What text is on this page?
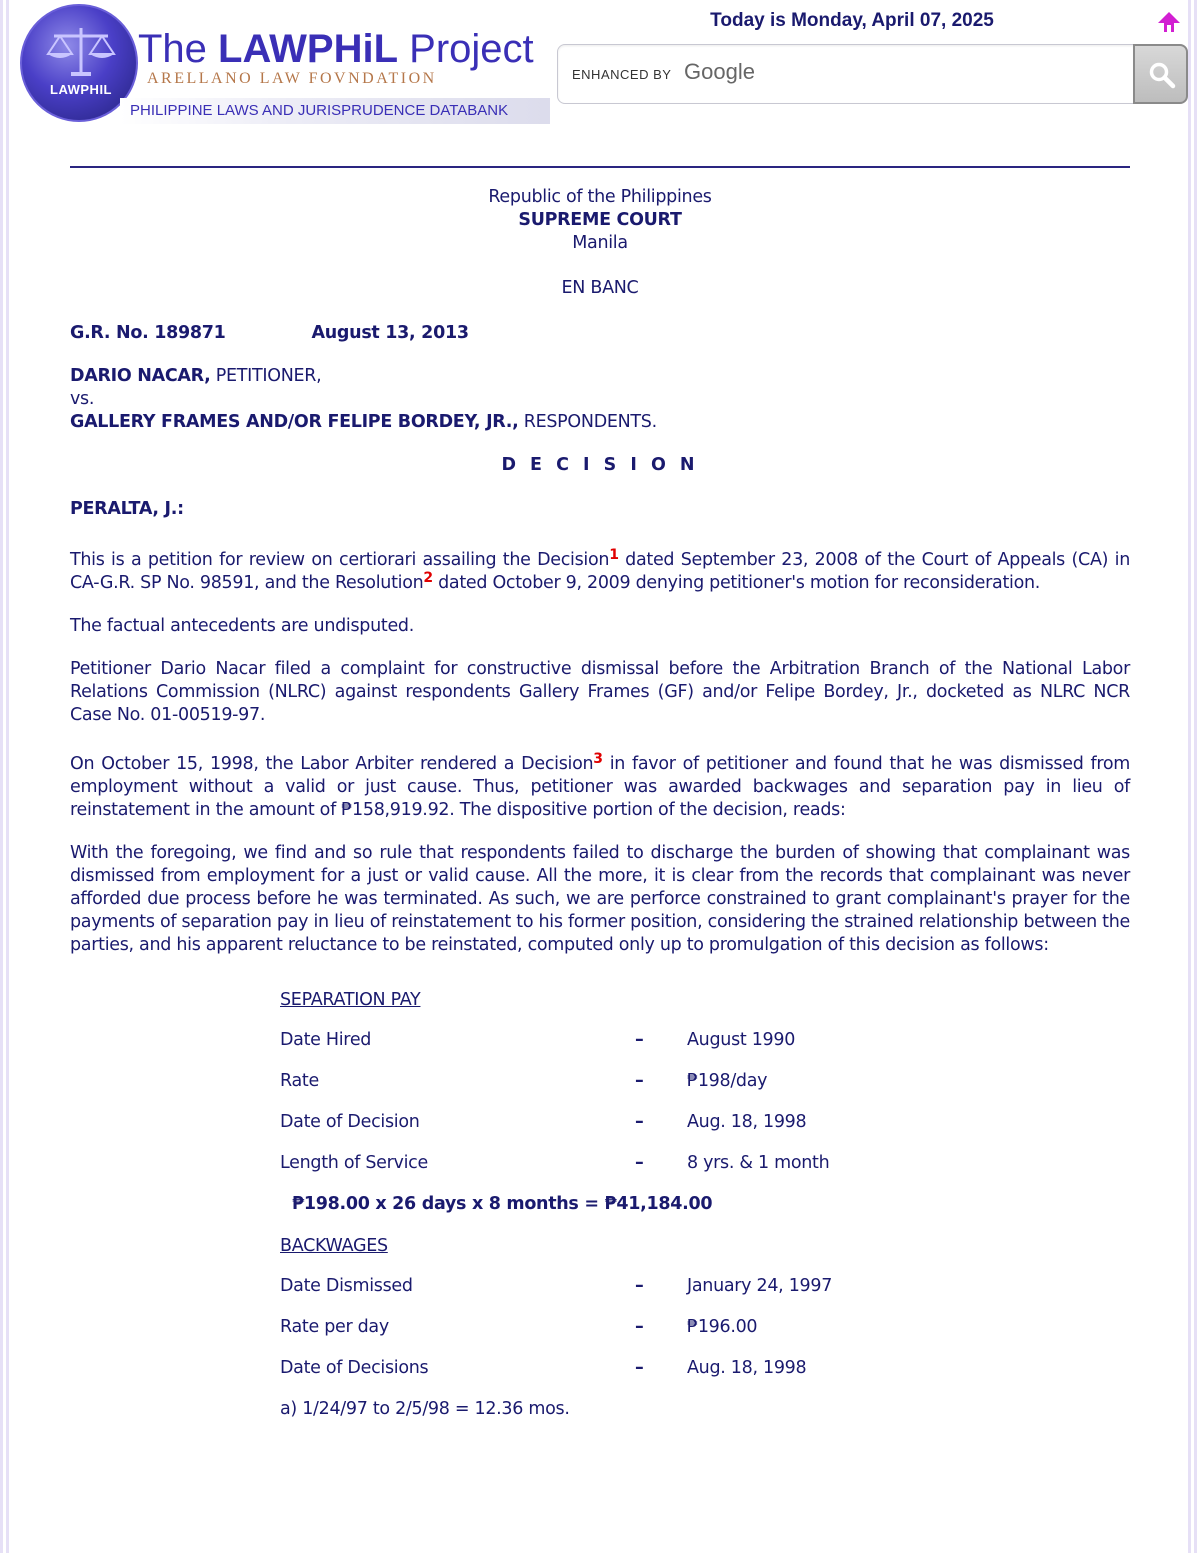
LAWPHIL
The LAWPHiL Project
ARELLANO LAW FOVNDATION
PHILIPPINE LAWS AND JURISPRUDENCE DATABANK
Today is Monday, April 07, 2025
ENHANCED BY Google
Republic of the Philippines
SUPREME COURT
Manila
EN BANC
G.R. No. 189871	August 13, 2013
DARIO NACAR, PETITIONER,
vs.
GALLERY FRAMES AND/OR FELIPE BORDEY, JR., RESPONDENTS.
D E C I S I O N
PERALTA, J.:
This is a petition for review on certiorari assailing the Decision$^1$ dated September 23, 2008 of the Court of Appeals (CA) in CA-G.R. SP No. 98591, and the Resolution$^2$ dated October 9, 2009 denying petitioner's motion for reconsideration.
The factual antecedents are undisputed.
Petitioner Dario Nacar filed a complaint for constructive dismissal before the Arbitration Branch of the National Labor Relations Commission (NLRC) against respondents Gallery Frames (GF) and/or Felipe Bordey, Jr., docketed as NLRC NCR Case No. 01-00519-97.
On October 15, 1998, the Labor Arbiter rendered a Decision$^3$ in favor of petitioner and found that he was dismissed from employment without a valid or just cause. Thus, petitioner was awarded backwages and separation pay in lieu of reinstatement in the amount of ₱158,919.92. The dispositive portion of the decision, reads:
With the foregoing, we find and so rule that respondents failed to discharge the burden of showing that complainant was dismissed from employment for a just or valid cause. All the more, it is clear from the records that complainant was never afforded due process before he was terminated. As such, we are perforce constrained to grant complainant's prayer for the payments of separation pay in lieu of reinstatement to his former position, considering the strained relationship between the parties, and his apparent reluctance to be reinstated, computed only up to promulgation of this decision as follows:
SEPARATION PAY
Date Hired	– August 1990
Rate	– ₱198/day
Date of Decision	– Aug. 18, 1998
Length of Service	– 8 yrs. & 1 month
₱198.00 x 26 days x 8 months = ₱41,184.00
BACKWAGES
Date Dismissed	– January 24, 1997
Rate per day	– ₱196.00
Date of Decisions	– Aug. 18, 1998
a) 1/24/97 to 2/5/98 = 12.36 mos.
